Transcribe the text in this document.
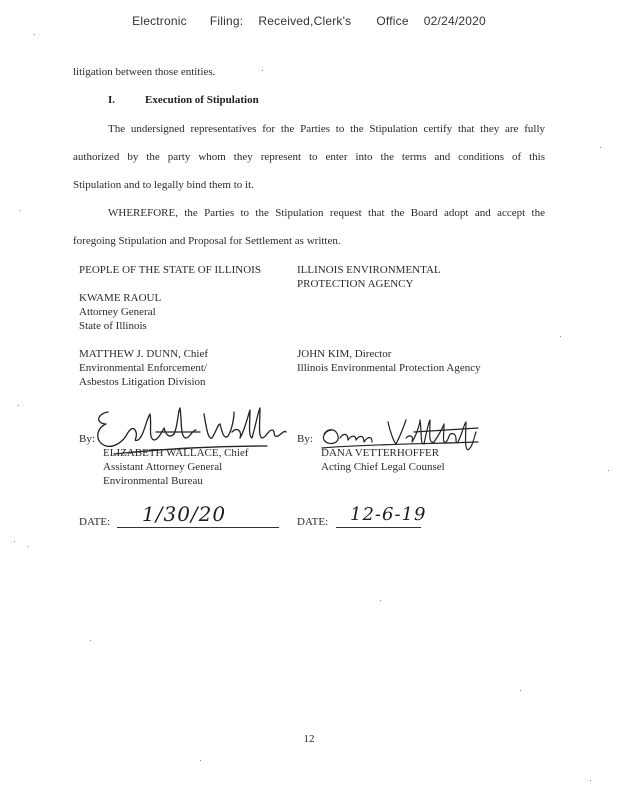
Electronic Filing: Received,Clerk's Office 02/24/2020
litigation between those entities.
I.	Execution of Stipulation
The undersigned representatives for the Parties to the Stipulation certify that they are fully
authorized by the party whom they represent to enter into the terms and conditions of this
Stipulation and to legally bind them to it.
WHEREFORE, the Parties to the Stipulation request that the Board adopt and accept the
foregoing Stipulation and Proposal for Settlement as written.
PEOPLE OF THE STATE OF ILLINOIS
KWAME RAOUL
Attorney General
State of Illinois
MATTHEW J. DUNN, Chief
Environmental Enforcement/
Asbestos Litigation Division
ILLINOIS ENVIRONMENTAL
PROTECTION AGENCY
JOHN KIM, Director
Illinois Environmental Protection Agency
By:
ELIZABETH WALLACE, Chief
Assistant Attorney General
Environmental Bureau
By:
DANA VETTERHOFFER
Acting Chief Legal Counsel
DATE: 1/30/20	DATE: 12-6-19
12
